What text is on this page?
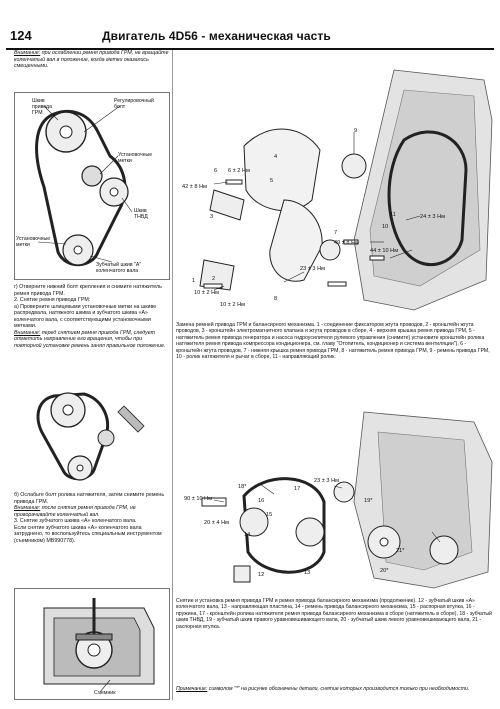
124	Двигатель 4D56 - механическая часть

Внимание: при ослаблении ремня привода ГРМ, не вращайте коленчатый вал в положение, когда метки оказались смещенными.

Шкив
привода
ГРМ
Регулировочный
болт
Установочные
метки
Шкив
ТНВД
Установочные
метки
Зубчатый шкив "А"
коленчатого вала

г) Отверните нижний болт крепления и снимите натяжитель ремня привода ГРМ.

2. Снятие ремня привода ГРМ:

а) Проверните шлицевыми установочные метки на шкиве распредвала, натяжного шкива и зубчатого шкива «А» коленчатого вала, с соответствующими установочными метками.

Внимание: перед снятием ремня привода ГРМ, следует отметить направление его вращения, чтобы при повторной установке ремень занял правильное положение.

б) Ослабьте болт ролика натяжителя, затем снимите ремень привода ГРМ.

Внимание: после снятия ремня привода ГРМ, не проворачивайте коленчатый вал.

3. Снятие зубчатого шкива «А» коленчатого вала.

Если снятие зубчатого шкива «А» коленчатого вала затруднено, то воспользуйтесь специальным инструментом (съемником) МВ990778).

Съемник
9
6 6 ± 2 Нм
42 ± 8 Нм
4
5
3
7
10
49 ± 8 Нм
44 ± 10 Нм
11	24 ± 3 Нм
23 ± 3 Нм
10 ± 2 Нм
10 ± 2 Нм
8
1	2
Замена ремней привода ГРМ и балансирного механизма. 1 - соединение фиксатором жгута проводов, 2 - кронштейн жгута проводов, 3 - кронштейн электромагнитного клапана и жгута проводов в сборе, 4 - верхняя крышка ремня привода ГРМ, 5 - натяжитель ремня привода генератора и насоса гидроусилителя рулевого управления (снимите) установите кронштейн ролика натяжителя ремня привода компрессора кондиционера, см. главу "Отопитель, кондиционер и система вентиляции"), 6 - кронштейн жгута проводов, 7 - нижняя крышка ремня привода ГРМ, 8 - натяжитель ремня привода ГРМ, 9 - ремень привода ГРМ, 10 - ролик натяжителя и рычаг в сборе, 11 - направляющий ролик.
90 ± 10 Нм
18*
23 ± 3 Нм
17
16
15
20 ± 4 Нм
14
13
12
19*
20*
21*
Снятие и установка ремня привода ГРМ и ремня привода балансирного механизма (продолжение). 12 - зубчатый шкив «А» коленчатого вала, 13 - направляющая пластина, 14 - ремень привода балансирного механизма, 15 - распорная втулка, 16 - пружина, 17 - кронштейн ролика натяжителя ремня привода балансирного механизма в сборе (натяжитель в сборе), 18 - зубчатый шкив ТНВД, 19 - зубчатый шкив правого уравновешивающего вала, 20 - зубчатый шкив левого уравновешивающего вала, 21 - распорная втулка.
Примечание: символом "*" на рисунке обозначены детали, снятие которых производится только при необходимости.
